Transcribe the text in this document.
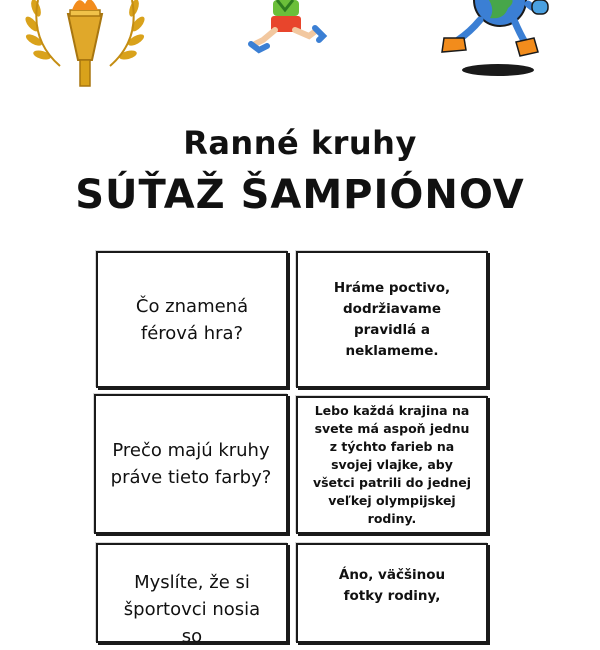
Ranné kruhy
SÚŤAŽ ŠAMPIÓNOV
Čo znamená férová hra?
Hráme poctivo, dodržiavame pravidlá a neklameme.
Prečo majú kruhy práve tieto farby?
Lebo každá krajina na svete má aspoň jednu z týchto farieb na svojej vlajke, aby všetci patrili do jednej veľkej olympijskej rodiny.
Myslíte, že si športovci nosia so
Áno, väčšinou fotky rodiny,
